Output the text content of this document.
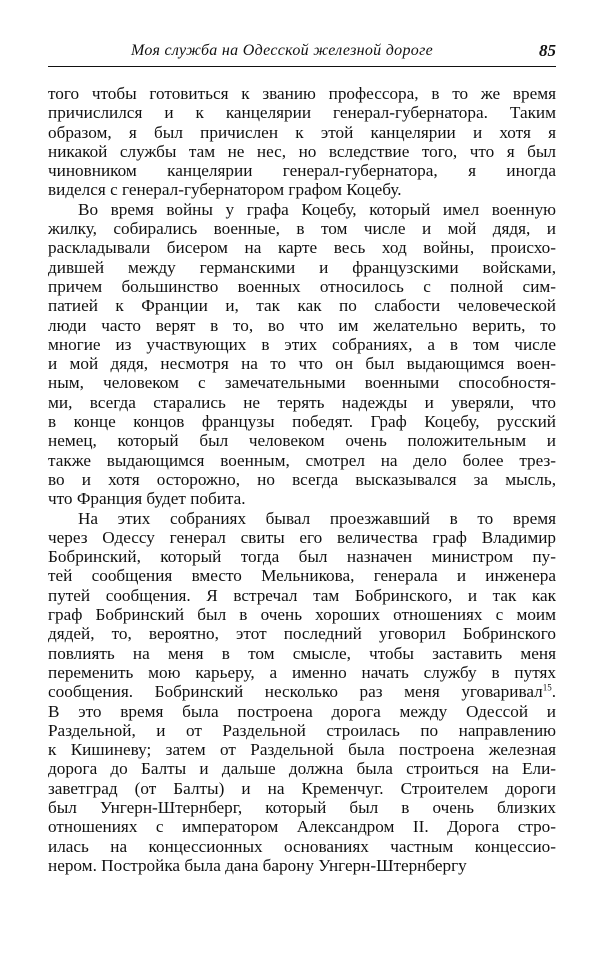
Моя служба на Одесской железной дороге	85
того чтобы готовиться к званию профессора, в то же время
причислился и к канцелярии генерал-губернатора. Таким
образом, я был причислен к этой канцелярии и хотя я
никакой службы там не нес, но вследствие того, что я был
чиновником канцелярии генерал-губернатора, я иногда
виделся с генерал-губернатором графом Коцебу.
Во время войны у графа Коцебу, который имел военную
жилку, собирались военные, в том числе и мой дядя, и
раскладывали бисером на карте весь ход войны, происхо-
дившей между германскими и французскими войсками,
причем большинство военных относилось с полной сим-
патией к Франции и, так как по слабости человеческой
люди часто верят в то, во что им желательно верить, то
многие из участвующих в этих собраниях, а в том числе
и мой дядя, несмотря на то что он был выдающимся воен-
ным, человеком с замечательными военными способностя-
ми, всегда старались не терять надежды и уверяли, что
в конце концов французы победят. Граф Коцебу, русский
немец, который был человеком очень положительным и
также выдающимся военным, смотрел на дело более трез-
во и хотя осторожно, но всегда высказывался за мысль,
что Франция будет побита.
На этих собраниях бывал проезжавший в то время
через Одессу генерал свиты его величества граф Владимир
Бобринский, который тогда был назначен министром пу-
тей сообщения вместо Мельникова, генерала и инженера
путей сообщения. Я встречал там Бобринского, и так как
граф Бобринский был в очень хороших отношениях с моим
дядей, то, вероятно, этот последний уговорил Бобринского
повлиять на меня в том смысле, чтобы заставить меня
переменить мою карьеру, а именно начать службу в путях
сообщения. Бобринский несколько раз меня уговаривал$^{15}$.
В это время была построена дорога между Одессой и
Раздельной, и от Раздельной строилась по направлению
к Кишиневу; затем от Раздельной была построена железная
дорога до Балты и дальше должна была строиться на Ели-
заветград (от Балты) и на Кременчуг. Строителем дороги
был Унгерн-Штернберг, который был в очень близких
отношениях с императором Александром II. Дорога стро-
илась на концессионных основаниях частным концессио-
нером. Постройка была дана барону Унгерн-Штернбергу
